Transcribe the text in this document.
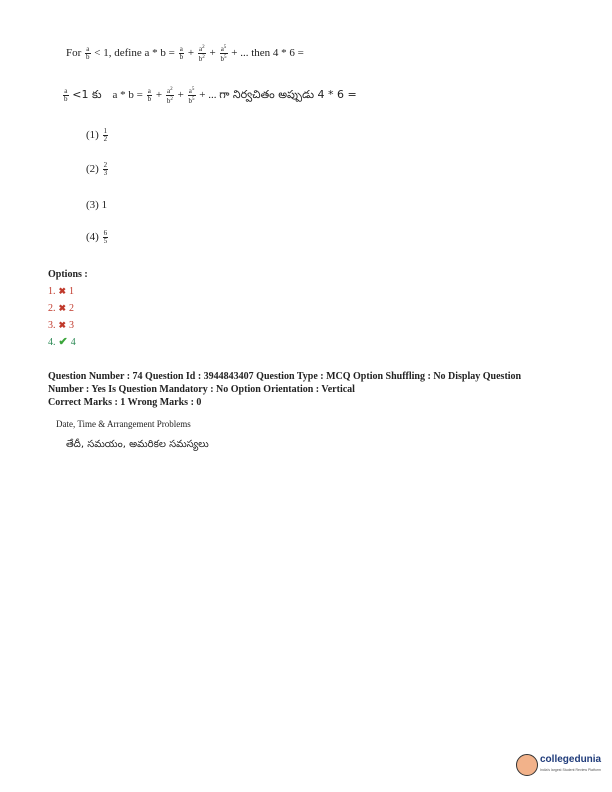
For $\frac{a}{b} < 1$, define $a * b = \frac{a}{b} + \frac{a^2}{b^2} + \frac{a^5}{b^5}$ + ... then 4 * 6 =
$\frac{a}{b} <1$ కు $a * b = \frac{a}{b} + \frac{a^2}{b^2} + \frac{a^5}{b^5}$ + ... గా నిర్వచితం అప్పుడు 4 * 6 =
$(1) \frac{1}{2}$
$(2) \frac{2}{3}$
(3) 1
$(4) \frac{6}{5}$
Options :
1. ✖ 1
2. ✖ 2
3. ✖ 3
4. ✔ 4
Question Number : 74 Question Id : 3944843407 Question Type : MCQ Option Shuffling : No Display Question
Number : Yes Is Question Mandatory : No Option Orientation : Vertical
Correct Marks : 1 Wrong Marks : 0
Date, Time & Arrangement Problems
తేదీ, సమయం, అమరికల సమస్యలు
collegedunia
India's largest Student Review Platform
